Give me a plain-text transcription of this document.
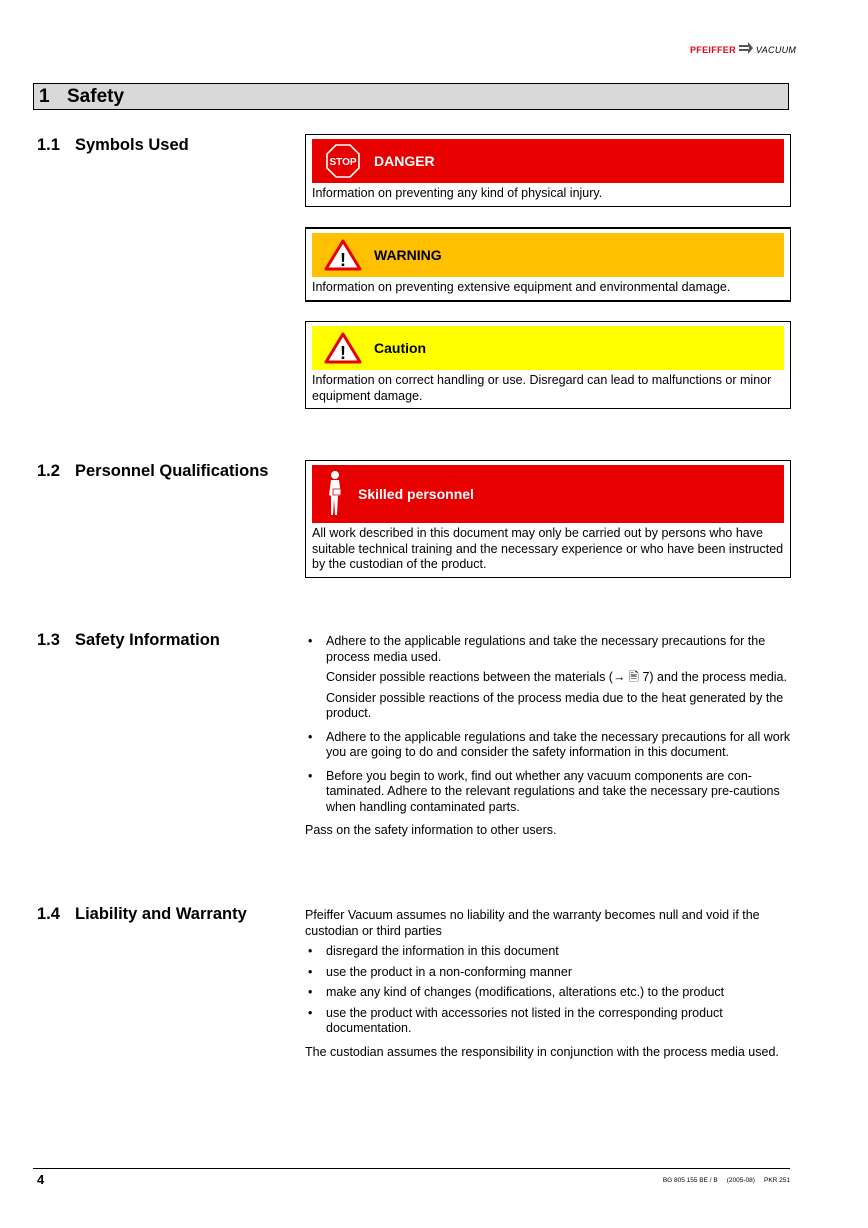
PFEIFFER VACUUM
1 Safety
1.1 Symbols Used
STOP DANGER
Information on preventing any kind of physical injury.
! WARNING
Information on preventing extensive equipment and environmental damage.
! Caution
Information on correct handling or use. Disregard can lead to malfunctions or minor equipment damage.
1.2 Personnel Qualifications
Skilled personnel
All work described in this document may only be carried out by persons who have suitable technical training and the necessary experience or who have been instructed by the custodian of the product.
1.3 Safety Information
•	Adhere to the applicable regulations and take the necessary precautions for the process media used.
Consider possible reactions between the materials (→ 🖹 7) and the process media.
Consider possible reactions of the process media due to the heat generated by the product.
• Adhere to the applicable regulations and take the necessary precautions for all work you are going to do and consider the safety information in this document.
• Before you begin to work, find out whether any vacuum components are con-taminated. Adhere to the relevant regulations and take the necessary pre-cautions when handling contaminated parts.
Pass on the safety information to other users.
1.4 Liability and Warranty	Pfeiffer Vacuum assumes no liability and the warranty becomes null and void if the custodian or third parties
• disregard the information in this document
• use the product in a non-conforming manner
• make any kind of changes (modifications, alterations etc.) to the product
• use the product with accessories not listed in the corresponding product documentation.
The custodian assumes the responsibility in conjunction with the process media used.
4	BG 805 155 BE / B     (2005-08)     PKR 251
